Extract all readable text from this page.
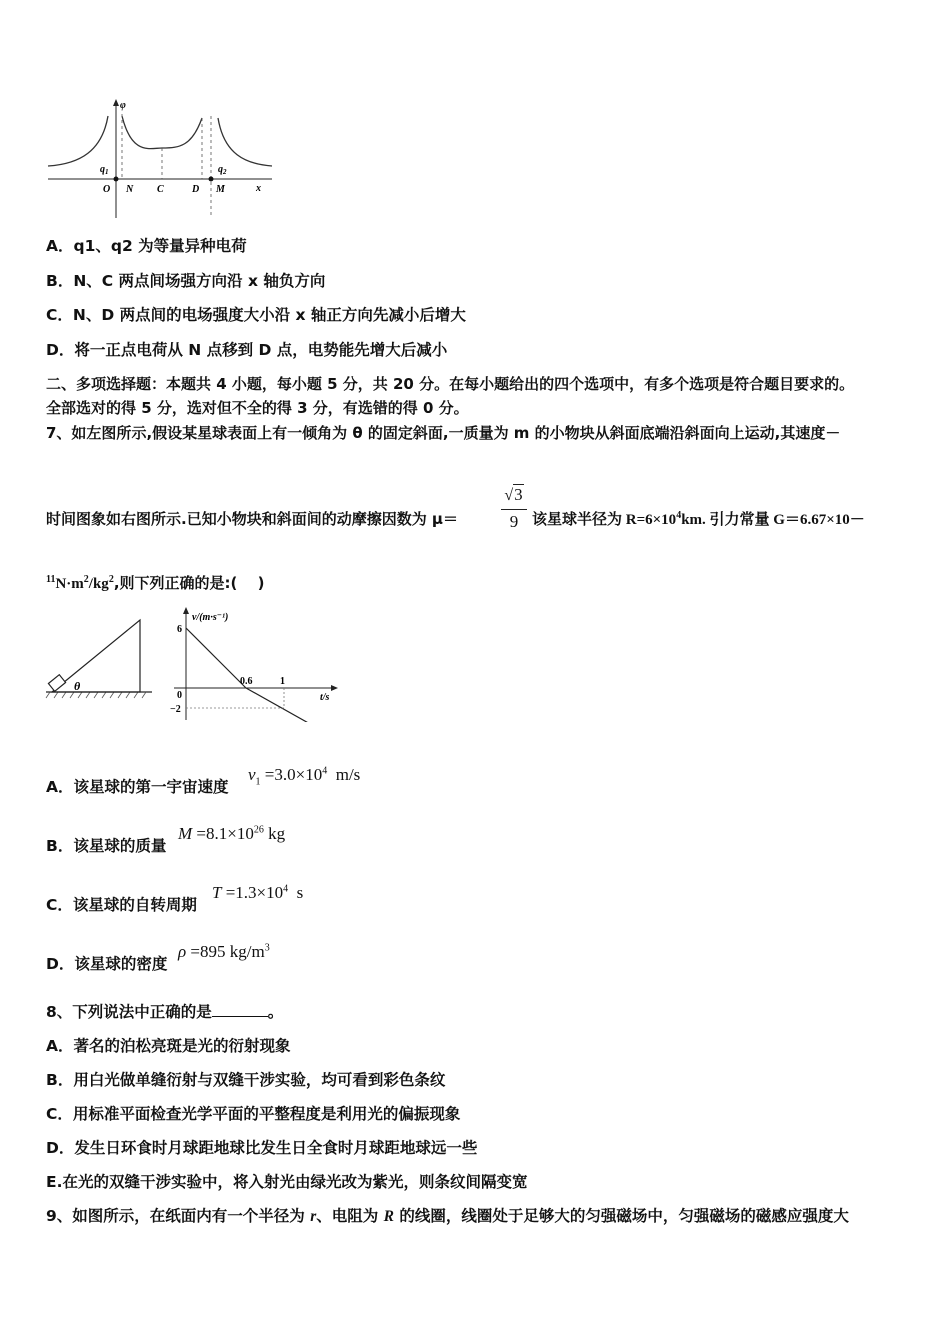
φ
x
$q_1$	$q_2$
O N C	D M
A．q1、q2 为等量异种电荷
B．N、C 两点间场强方向沿 x 轴负方向
C．N、D 两点间的电场强度大小沿 x 轴正方向先减小后增大
D．将一正点电荷从 N 点移到 D 点，电势能先增大后减小
二、多项选择题：本题共 4 小题，每小题 5 分，共 20 分。在每小题给出的四个选项中，有多个选项是符合题目要求的。
全部选对的得 5 分，选对但不全的得 3 分，有选错的得 0 分。
7、如左图所示,假设某星球表面上有一倾角为 θ 的固定斜面,一质量为 m 的小物块从斜面底端沿斜面向上运动,其速度－
时间图象如右图所示.已知小物块和斜面间的动摩擦因数为 μ＝
√3
9 该星球半径为 $R=6\times 10^4km$. 引力常量 G＝6.67×10－
$^{11}N\cdot m^2/kg^2$,则下列正确的是:(　 )
θ
v/(m·s⁻¹)
t/s
6
0
−2
0.6	1
A．该星球的第一宇宙速度
$v_1 =3.0\times 10^4$ m/s
B．该星球的质量
$M =8.1\times 10^{26}$ kg
C．该星球的自转周期
$T =1.3\times 10^4$ s
D．该星球的密度
ρ =895 $kg/m^3$
8、下列说法中正确的是	。
A．著名的泊松亮斑是光的衍射现象
B．用白光做单缝衍射与双缝干涉实验，均可看到彩色条纹
C．用标准平面检查光学平面的平整程度是利用光的偏振现象
D．发生日环食时月球距地球比发生日全食时月球距地球远一些
E.在光的双缝干涉实验中，将入射光由绿光改为紫光，则条纹间隔变宽
9、如图所示，在纸面内有一个半径为 r、电阻为 R 的线圈，线圈处于足够大的匀强磁场中，匀强磁场的磁感应强度大
